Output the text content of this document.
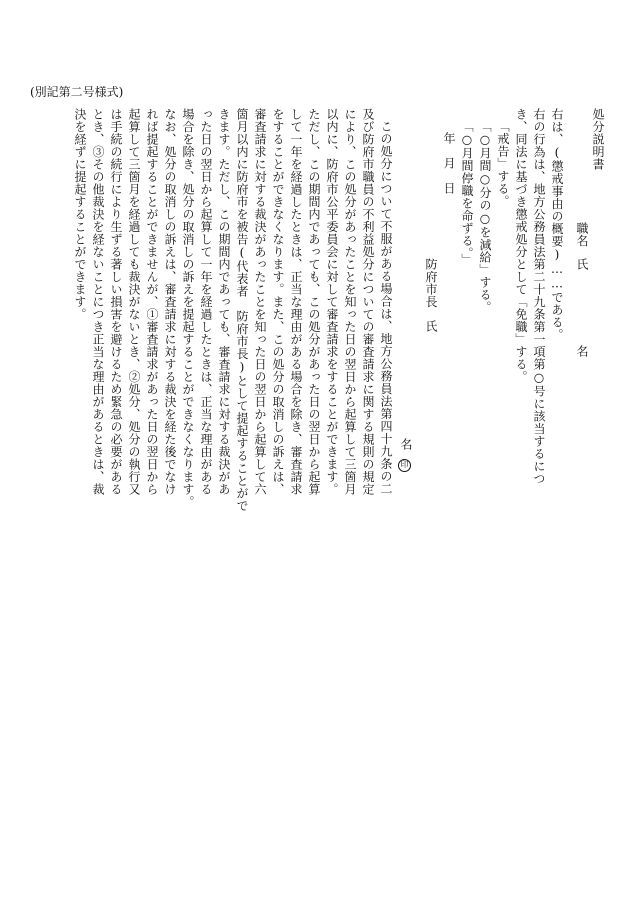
(別記第二号様式)
処分説明書
職名
氏
名
右は、(懲戒事由の概要)……である。
右の行為は、地方公務員法第二十九条第一項第○号に該当するにつ
き、同法に基づき懲戒処分として「免職」する。
「戒告」する。
「○月間○分の○を減給」する。
「○月間停職を命ずる。」
年　月　日
防府市長
氏
名
印
この処分について不服がある場合は、地方公務員法第四十九条の二
及び防府市職員の不利益処分についての審査請求に関する規則の規定
により、この処分があったことを知った日の翌日から起算して三箇月
以内に、防府市公平委員会に対して審査請求をすることができます。
ただし、この期間内であっても、この処分があった日の翌日から起算
して一年を経過したときは、正当な理由がある場合を除き、審査請求
をすることができなくなります。また、この処分の取消しの訴えは、
審査請求に対する裁決があったことを知った日の翌日から起算して六
箇月以内に防府市を被告(代表者　防府市長)として提起することがで
きます。ただし、この期間内であっても、審査請求に対する裁決があ
った日の翌日から起算して一年を経過したときは、正当な理由がある
場合を除き、処分の取消しの訴えを提起することができなくなります。
なお、処分の取消しの訴えは、審査請求に対する裁決を経た後でなけ
れば提起することができませんが、①審査請求があった日の翌日から
起算して三箇月を経過しても裁決がないとき、②処分、処分の執行又
は手続の続行により生ずる著しい損害を避けるため緊急の必要がある
とき、③その他裁決を経ないことにつき正当な理由があるときは、裁
決を経ずに提起することができます。
